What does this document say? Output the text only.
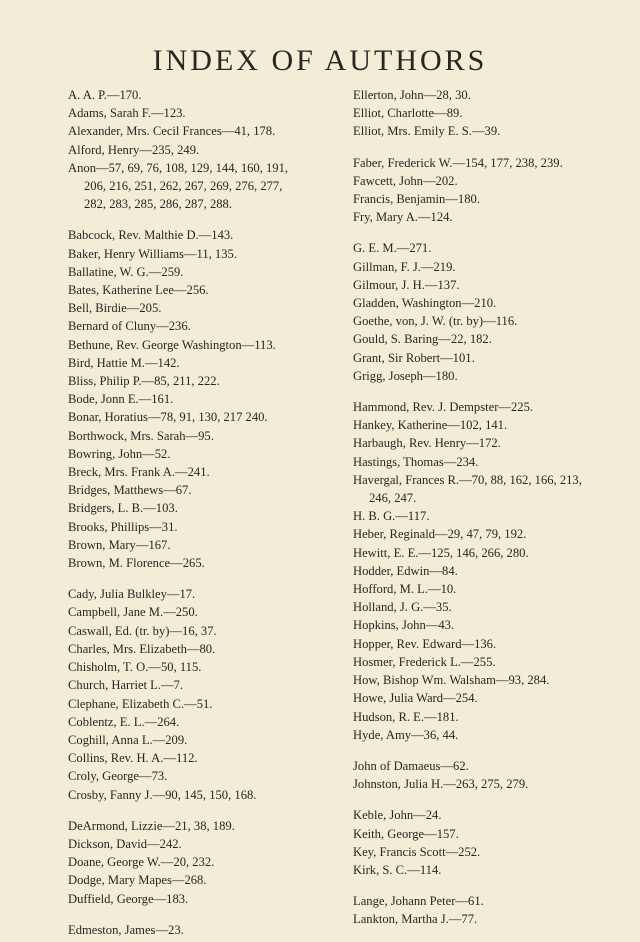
INDEX OF AUTHORS
A. A. P.—170.
Adams, Sarah F.—123.
Alexander, Mrs. Cecil Frances—41, 178.
Alford, Henry—235, 249.
Anon—57, 69, 76, 108, 129, 144, 160, 191,
206, 216, 251, 262, 267, 269, 276, 277,
282, 283, 285, 286, 287, 288.
Babcock, Rev. Malthie D.—143.
Baker, Henry Williams—11, 135.
Ballatine, W. G.—259.
Bates, Katherine Lee—256.
Bell, Birdie—205.
Bernard of Cluny—236.
Bethune, Rev. George Washington—113.
Bird, Hattie M.—142.
Bliss, Philip P.—85, 211, 222.
Bode, Jonn E.—161.
Bonar, Horatius—78, 91, 130, 217 240.
Borthwock, Mrs. Sarah—95.
Bowring, John—52.
Breck, Mrs. Frank A.—241.
Bridges, Matthews—67.
Bridgers, L. B.—103.
Brooks, Phillips—31.
Brown, Mary—167.
Brown, M. Florence—265.
Cady, Julia Bulkley—17.
Campbell, Jane M.—250.
Caswall, Ed. (tr. by)—16, 37.
Charles, Mrs. Elizabeth—80.
Chisholm, T. O.—50, 115.
Church, Harriet L.—7.
Clephane, Elizabeth C.—51.
Coblentz, E. L.—264.
Coghill, Anna L.—209.
Collins, Rev. H. A.—112.
Croly, George—73.
Crosby, Fanny J.—90, 145, 150, 168.
DeArmond, Lizzie—21, 38, 189.
Dickson, David—242.
Doane, George W.—20, 232.
Dodge, Mary Mapes—268.
Duffield, George—183.
Edmeston, James—23.
Ellerton, John—28, 30.
Elliot, Charlotte—89.
Elliot, Mrs. Emily E. S.—39.
Faber, Frederick W.—154, 177, 238, 239.
Fawcett, John—202.
Francis, Benjamin—180.
Fry, Mary A.—124.
G. E. M.—271.
Gillman, F. J.—219.
Gilmour, J. H.—137.
Gladden, Washington—210.
Goethe, von, J. W. (tr. by)—116.
Gould, S. Baring—22, 182.
Grant, Sir Robert—101.
Grigg, Joseph—180.
Hammond, Rev. J. Dempster—225.
Hankey, Katherine—102, 141.
Harbaugh, Rev. Henry—172.
Hastings, Thomas—234.
Havergal, Frances R.—70, 88, 162, 166, 213,
246, 247.
H. B. G.—117.
Heber, Reginald—29, 47, 79, 192.
Hewitt, E. E.—125, 146, 266, 280.
Hodder, Edwin—84.
Hofford, M. L.—10.
Holland, J. G.—35.
Hopkins, John—43.
Hopper, Rev. Edward—136.
Hosmer, Frederick L.—255.
How, Bishop Wm. Walsham—93, 284.
Howe, Julia Ward—254.
Hudson, R. E.—181.
Hyde, Amy—36, 44.
John of Damaeus—62.
Johnston, Julia H.—263, 275, 279.
Keble, John—24.
Keith, George—157.
Key, Francis Scott—252.
Kirk, S. C.—114.
Lange, Johann Peter—61.
Lankton, Martha J.—77.
